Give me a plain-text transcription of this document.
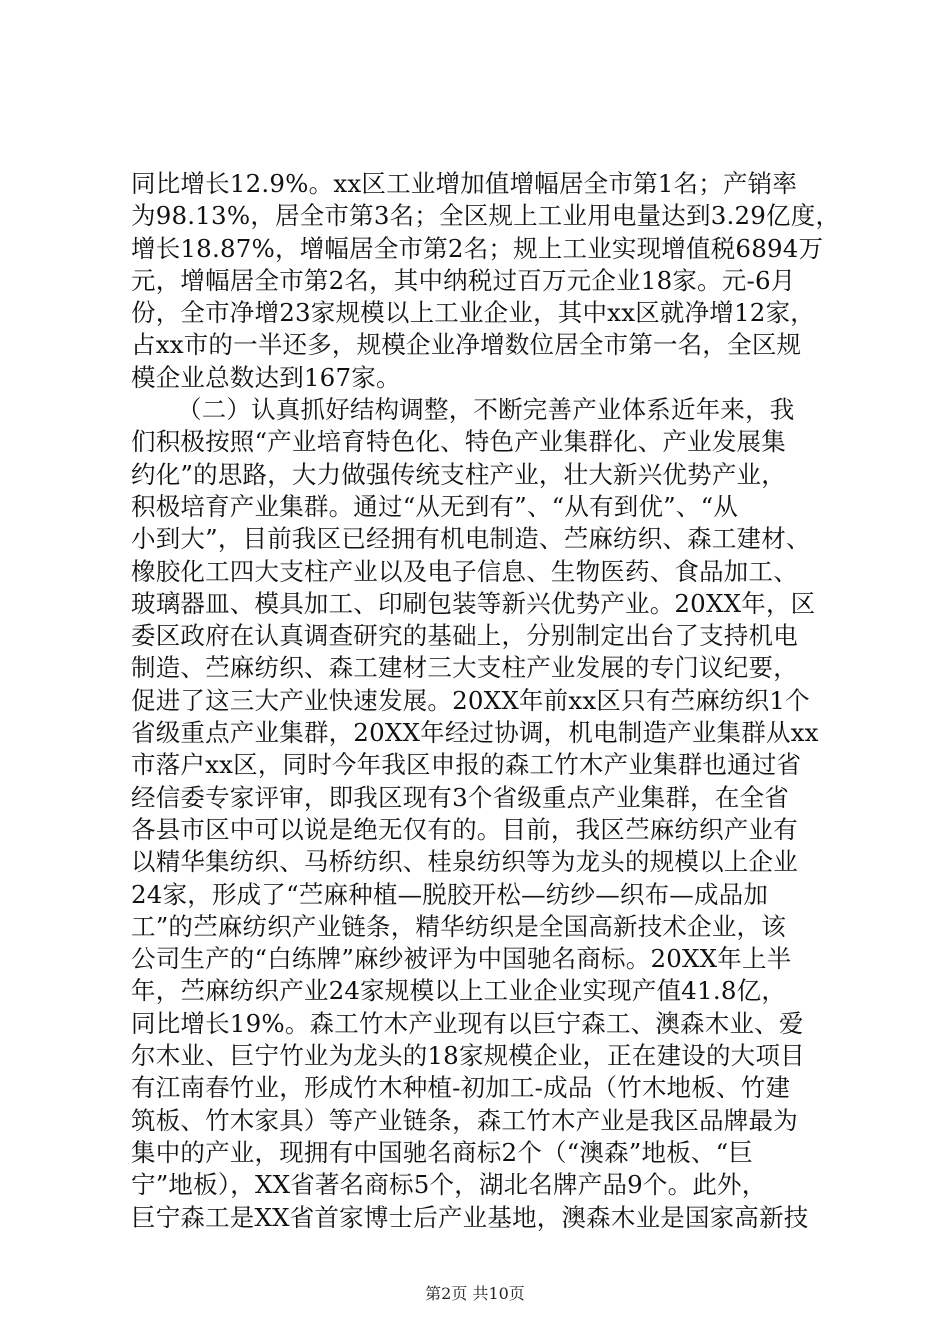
同比增长12.9%。xx区工业增加值增幅居全市第1名；产销率
为98.13%，居全市第3名；全区规上工业用电量达到3.29亿度，
增长18.87%，增幅居全市第2名；规上工业实现增值税6894万
元，增幅居全市第2名，其中纳税过百万元企业18家。元-6月
份，全市净增23家规模以上工业企业，其中xx区就净增12家，
占xx市的一半还多，规模企业净增数位居全市第一名，全区规
模企业总数达到167家。
（二）认真抓好结构调整，不断完善产业体系近年来，我
们积极按照“产业培育特色化、特色产业集群化、产业发展集
约化”的思路，大力做强传统支柱产业，壮大新兴优势产业，
积极培育产业集群。通过“从无到有”、“从有到优”、“从
小到大”，目前我区已经拥有机电制造、苎麻纺织、森工建材、
橡胶化工四大支柱产业以及电子信息、生物医药、食品加工、
玻璃器皿、模具加工、印刷包装等新兴优势产业。20XX年，区
委区政府在认真调查研究的基础上，分别制定出台了支持机电
制造、苎麻纺织、森工建材三大支柱产业发展的专门议纪要，
促进了这三大产业快速发展。20XX年前xx区只有苎麻纺织1个
省级重点产业集群，20XX年经过协调，机电制造产业集群从xx
市落户xx区，同时今年我区申报的森工竹木产业集群也通过省
经信委专家评审，即我区现有3个省级重点产业集群，在全省
各县市区中可以说是绝无仅有的。目前，我区苎麻纺织产业有
以精华集纺织、马桥纺织、桂泉纺织等为龙头的规模以上企业
24家，形成了“苎麻种植—脱胶开松—纺纱—织布—成品加
工”的苎麻纺织产业链条，精华纺织是全国高新技术企业，该
公司生产的“白练牌”麻纱被评为中国驰名商标。20XX年上半
年，苎麻纺织产业24家规模以上工业企业实现产值41.8亿，
同比增长19%。森工竹木产业现有以巨宁森工、澳森木业、爱
尔木业、巨宁竹业为龙头的18家规模企业，正在建设的大项目
有江南春竹业，形成竹木种植-初加工-成品（竹木地板、竹建
筑板、竹木家具）等产业链条，森工竹木产业是我区品牌最为
集中的产业，现拥有中国驰名商标2个（“澳森”地板、“巨
宁”地板），XX省著名商标5个，湖北名牌产品9个。此外，
巨宁森工是XX省首家博士后产业基地，澳森木业是国家高新技
第2页 共10页
